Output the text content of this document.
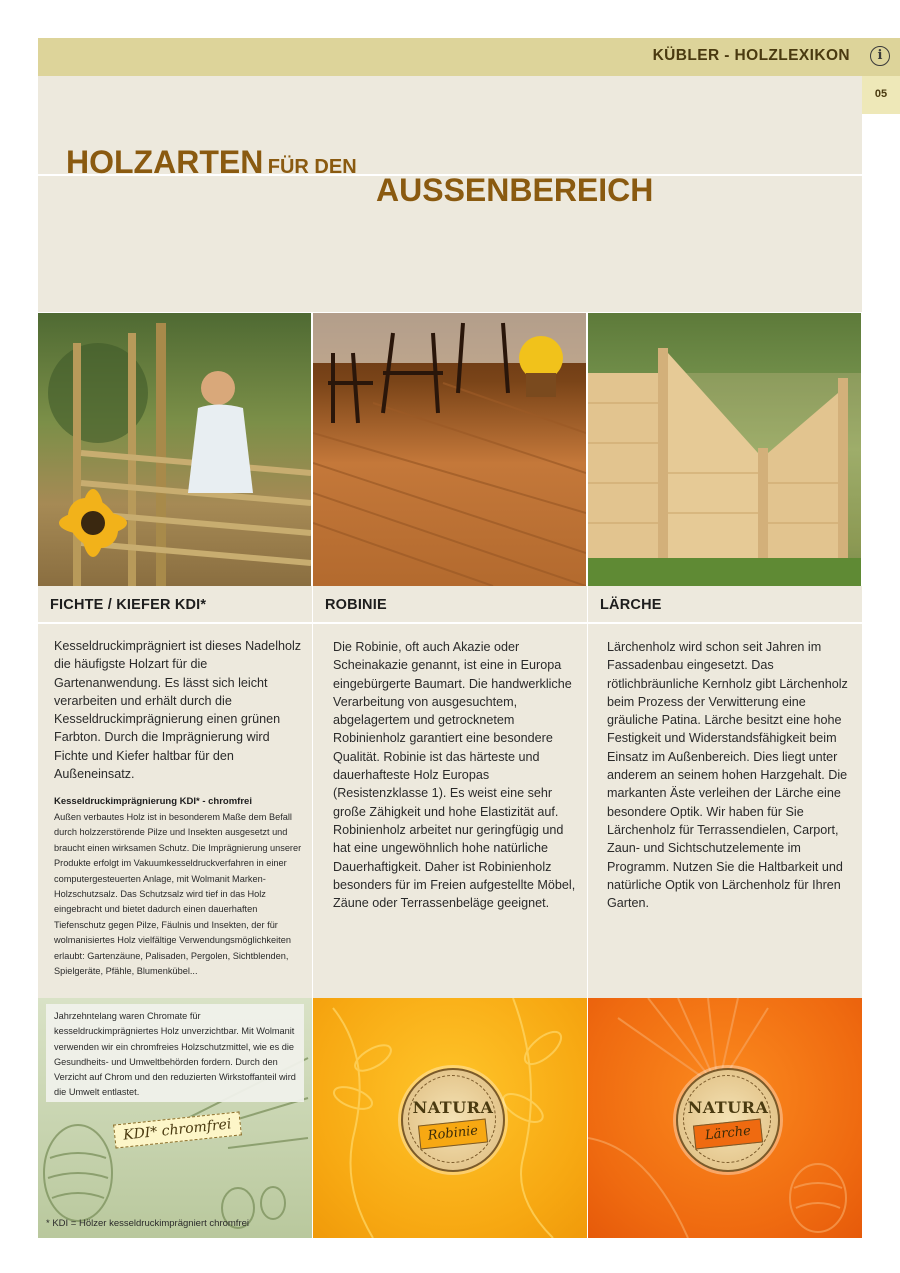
KÜBLER - HOLZLEXIKON	i
05
HOLZARTEN FÜR DEN
AUSSENBEREICH
FICHTE / KIEFER KDI*
Kesseldruckimprägniert ist dieses Nadelholz die häufigste Holzart für die Gartenanwendung. Es lässt sich leicht verarbeiten und erhält durch die Kesseldruckimprägnierung einen grünen Farbton. Durch die Imprägnierung wird Fichte und Kiefer haltbar für den Außeneinsatz.
Kesseldruckimprägnierung KDI* - chromfrei
Außen verbautes Holz ist in besonderem Maße dem Befall durch holzzerstörende Pilze und Insekten ausgesetzt und braucht einen wirksamen Schutz. Die Imprägnierung unserer Produkte erfolgt im Vakuumkesseldruckverfahren in einer computergesteuerten Anlage, mit Wolmanit Marken-Holzschutzsalz. Das Schutzsalz wird tief in das Holz eingebracht und bietet dadurch einen dauerhaften Tiefenschutz gegen Pilze, Fäulnis und Insekten, der für wolmanisiertes Holz vielfältige Verwendungsmöglichkeiten erlaubt: Gartenzäune, Palisaden, Pergolen, Sichtblenden, Spielgeräte, Pfähle, Blumenkübel...
ROBINIE
Die Robinie, oft auch Akazie oder Scheinakazie genannt, ist eine in Europa eingebürgerte Baumart. Die handwerkliche Verarbeitung von ausgesuchtem, abgelagertem und getrocknetem Robinienholz garantiert eine besondere Qualität. Robinie ist das härteste und dauerhafteste Holz Europas (Resistenzklasse 1). Es weist eine sehr große Zähigkeit und hohe Elastizität auf. Robinienholz arbeitet nur geringfügig und hat eine ungewöhnlich hohe natürliche Dauerhaftigkeit. Daher ist Robinienholz besonders für im Freien aufgestellte Möbel, Zäune oder Terrassenbeläge geeignet.
LÄRCHE
Lärchenholz wird schon seit Jahren im Fassadenbau eingesetzt. Das rötlichbräunliche Kernholz gibt Lärchenholz beim Prozess der Verwitterung eine gräuliche Patina. Lärche besitzt eine hohe Festigkeit und Widerstandsfähigkeit beim Einsatz im Außenbereich. Dies liegt unter anderem an seinem hohen Harzgehalt. Die markanten Äste verleihen der Lärche eine besondere Optik. Wir haben für Sie Lärchenholz für Terrassendielen, Carport, Zaun- und Sichtschutzelemente im Programm. Nutzen Sie die Haltbarkeit und natürliche Optik von Lärchenholz für Ihren Garten.
Jahrzehntelang waren Chromate für kesseldruckimprägniertes Holz unverzichtbar. Mit Wolmanit verwenden wir ein chromfreies Holzschutzmittel, wie es die Gesundheits- und Umweltbehörden fordern. Durch den Verzicht auf Chrom und den reduzierten Wirkstoffanteil wird die Umwelt entlastet.
KDI* chromfrei
* KDI = Hölzer kesseldruckimprägniert chromfrei
NATURA
Robinie
NATURA
Lärche
